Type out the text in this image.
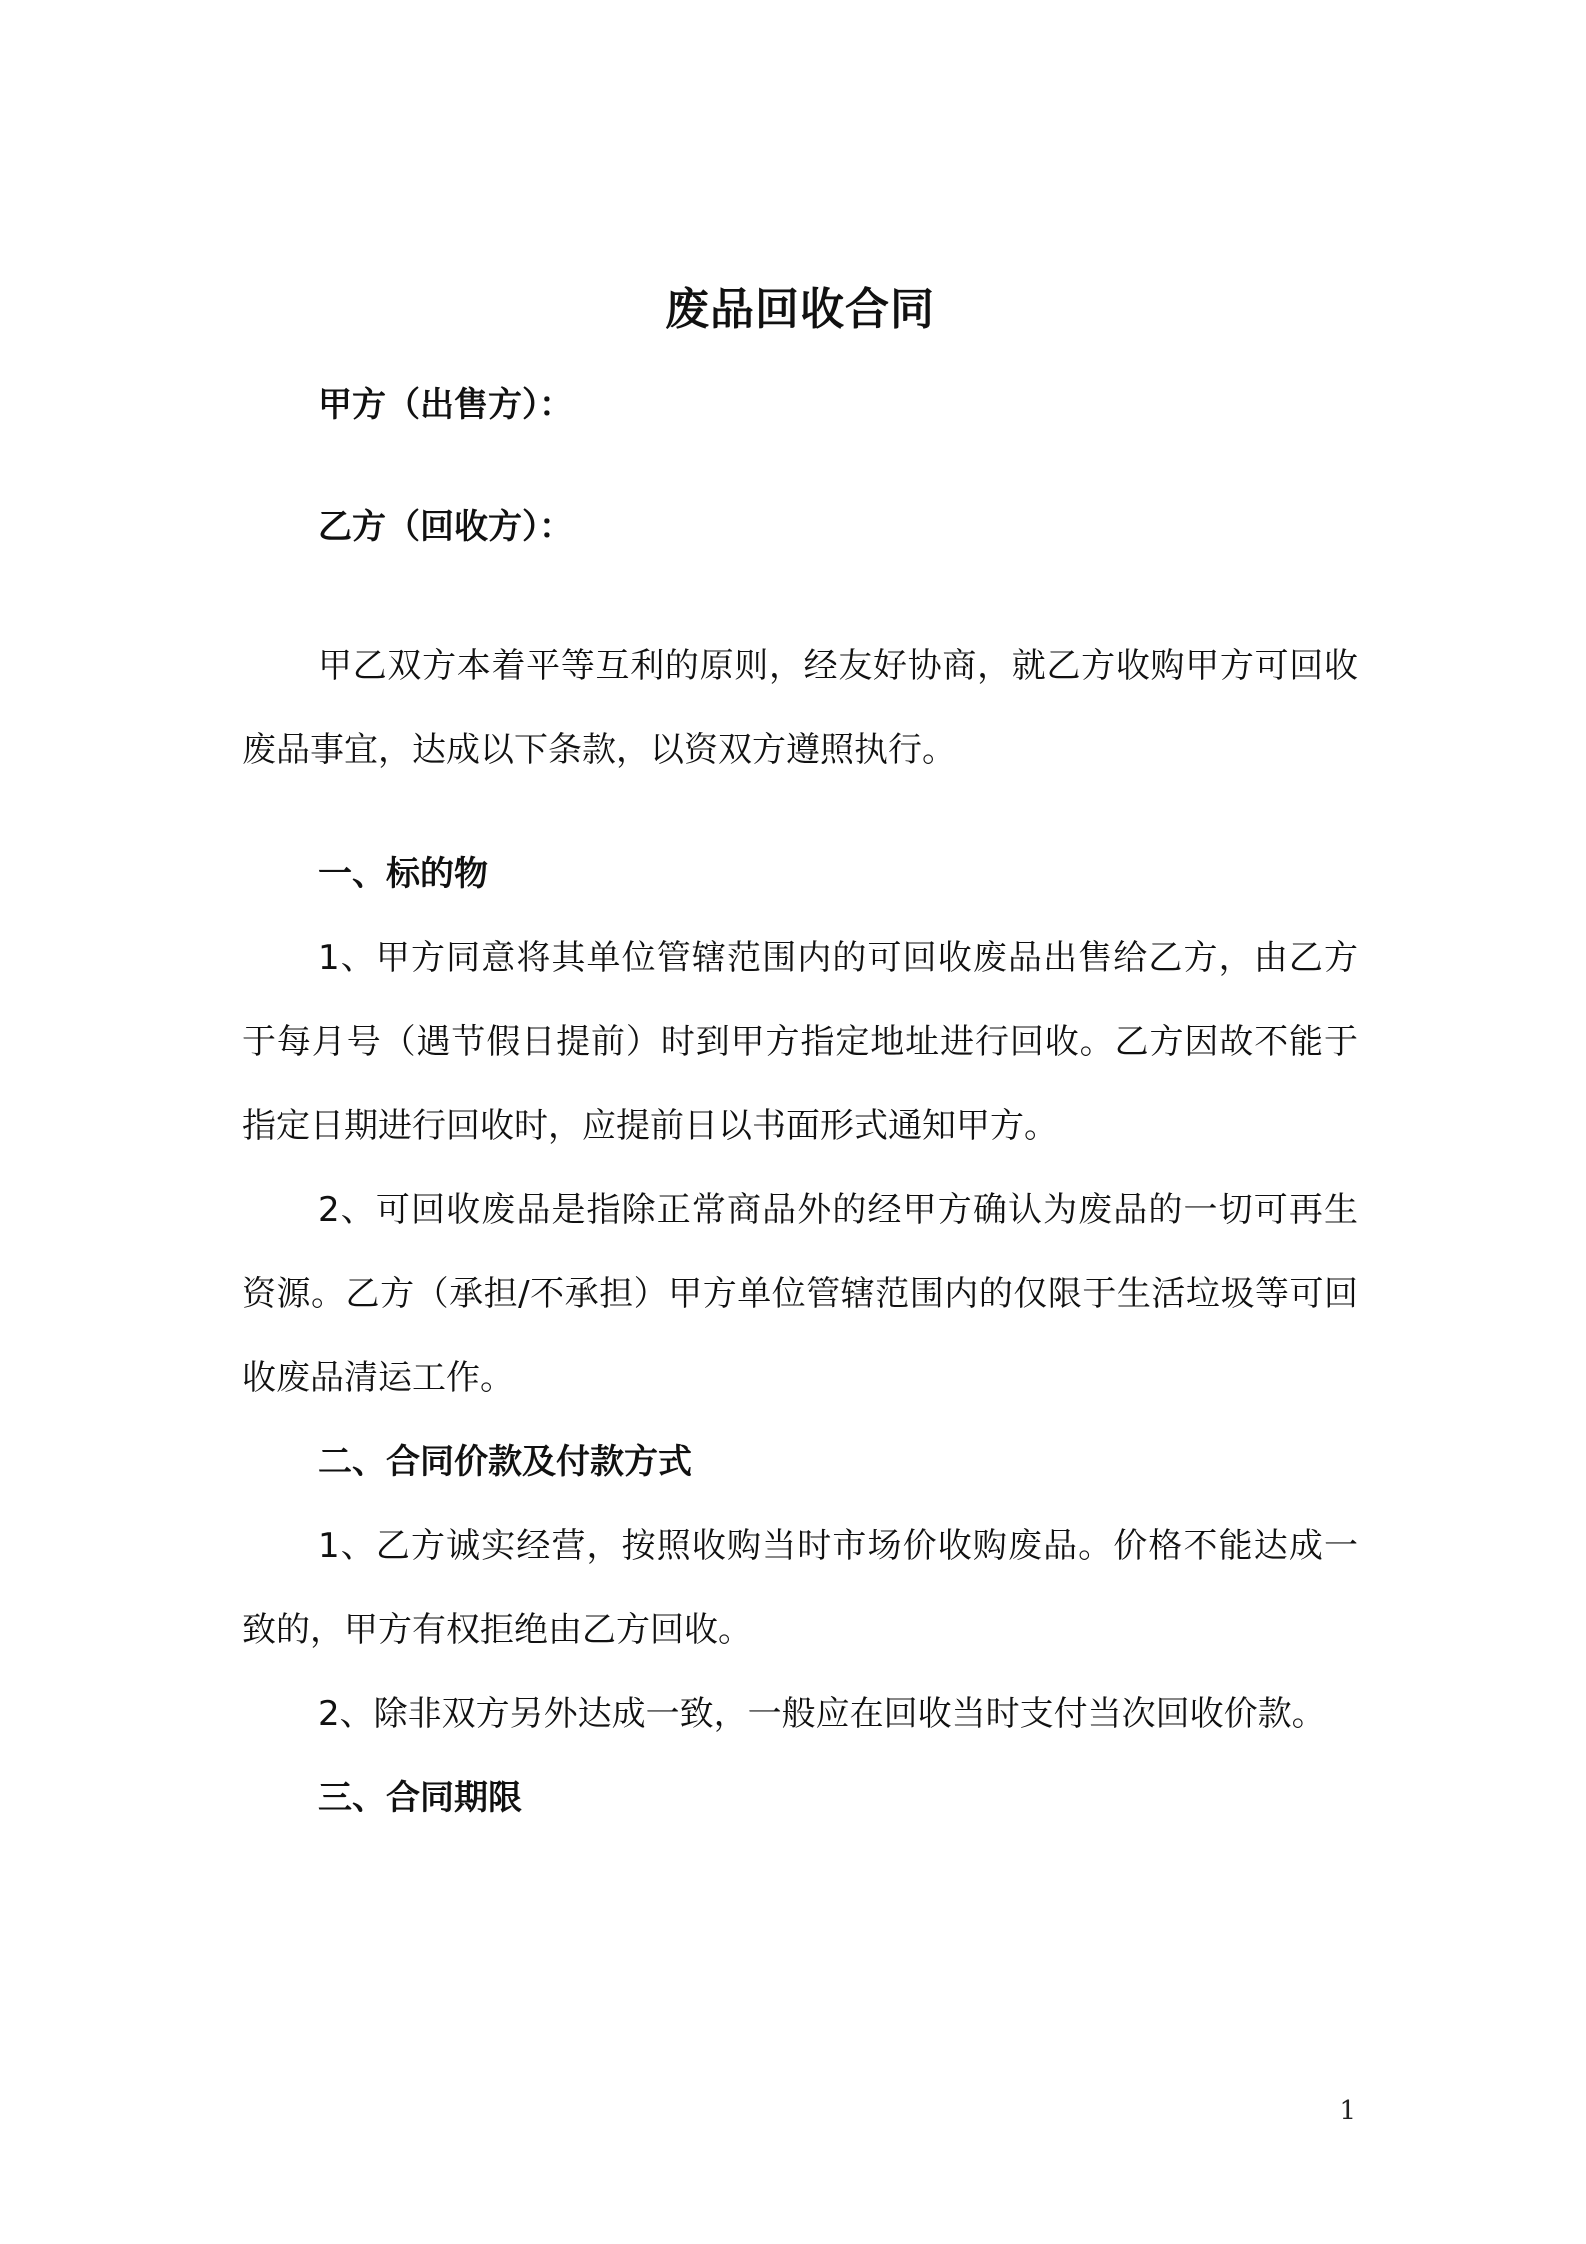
废品回收合同
甲方（出售方）：
乙方（回收方）：

甲乙双方本着平等互利的原则，经友好协商，就乙方收购甲方可回收废品事宜，达成以下条款，以资双方遵照执行。

一、标的物

1、甲方同意将其单位管辖范围内的可回收废品出售给乙方，由乙方于每月号（遇节假日提前）时到甲方指定地址进行回收。乙方因故不能于指定日期进行回收时，应提前日以书面形式通知甲方。

2、可回收废品是指除正常商品外的经甲方确认为废品的一切可再生资源。乙方（承担/不承担）甲方单位管辖范围内的仅限于生活垃圾等可回收废品清运工作。

二、合同价款及付款方式

1、乙方诚实经营，按照收购当时市场价收购废品。价格不能达成一致的，甲方有权拒绝由乙方回收。

2、除非双方另外达成一致，一般应在回收当时支付当次回收价款。

三、合同期限
1
